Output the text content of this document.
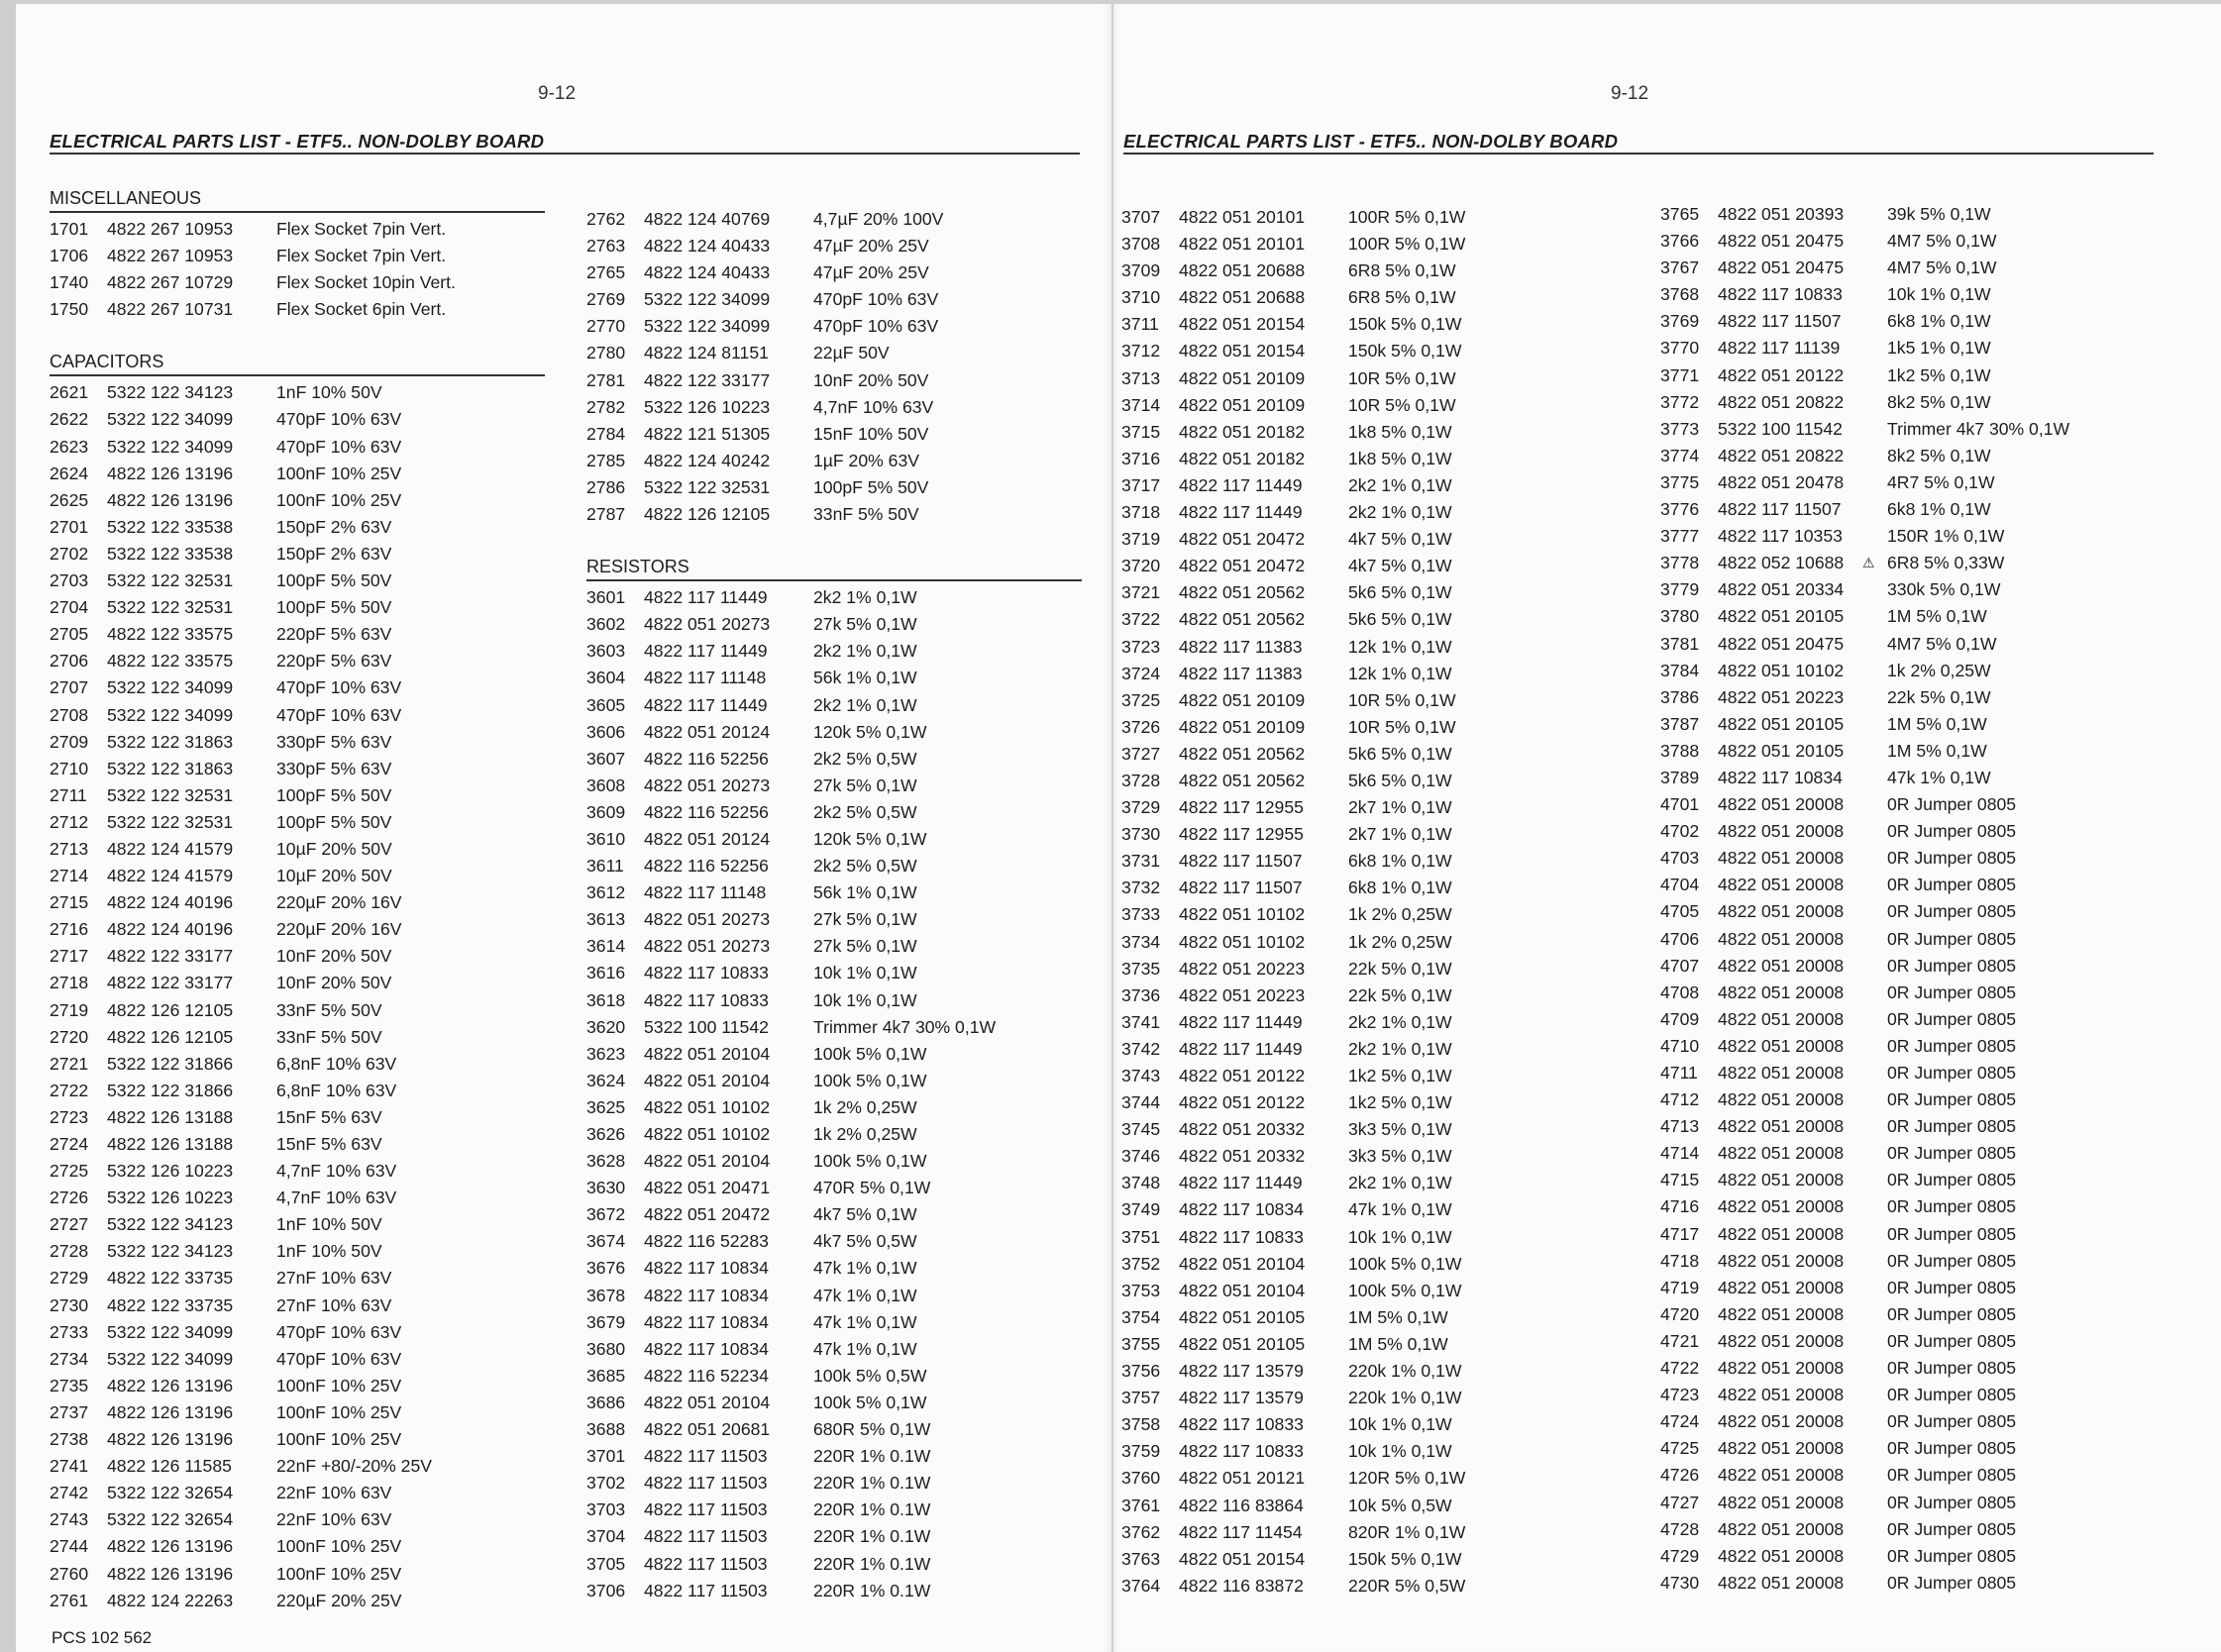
9-12
ELECTRICAL PARTS LIST - ETF5.. NON-DOLBY BOARD
MISCELLANEOUS
1701 4822 267 10953 Flex Socket 7pin Vert.
1706 4822 267 10953 Flex Socket 7pin Vert.
1740 4822 267 10729 Flex Socket 10pin Vert.
1750 4822 267 10731 Flex Socket 6pin Vert.
CAPACITORS
2621 5322 122 34123 1nF 10% 50V
2622 5322 122 34099 470pF 10% 63V
2623 5322 122 34099 470pF 10% 63V
2624 4822 126 13196 100nF 10% 25V
2625 4822 126 13196 100nF 10% 25V
2701 5322 122 33538 150pF 2% 63V
2702 5322 122 33538 150pF 2% 63V
2703 5322 122 32531 100pF 5% 50V
2704 5322 122 32531 100pF 5% 50V
2705 4822 122 33575 220pF 5% 63V
2706 4822 122 33575 220pF 5% 63V
2707 5322 122 34099 470pF 10% 63V
2708 5322 122 34099 470pF 10% 63V
2709 5322 122 31863 330pF 5% 63V
2710 5322 122 31863 330pF 5% 63V
2711 5322 122 32531 100pF 5% 50V
2712 5322 122 32531 100pF 5% 50V
2713 4822 124 41579 10µF 20% 50V
2714 4822 124 41579 10µF 20% 50V
2715 4822 124 40196 220µF 20% 16V
2716 4822 124 40196 220µF 20% 16V
2717 4822 122 33177 10nF 20% 50V
2718 4822 122 33177 10nF 20% 50V
2719 4822 126 12105 33nF 5% 50V
2720 4822 126 12105 33nF 5% 50V
2721 5322 122 31866 6,8nF 10% 63V
2722 5322 122 31866 6,8nF 10% 63V
2723 4822 126 13188 15nF 5% 63V
2724 4822 126 13188 15nF 5% 63V
2725 5322 126 10223 4,7nF 10% 63V
2726 5322 126 10223 4,7nF 10% 63V
2727 5322 122 34123 1nF 10% 50V
2728 5322 122 34123 1nF 10% 50V
2729 4822 122 33735 27nF 10% 63V
2730 4822 122 33735 27nF 10% 63V
2733 5322 122 34099 470pF 10% 63V
2734 5322 122 34099 470pF 10% 63V
2735 4822 126 13196 100nF 10% 25V
2737 4822 126 13196 100nF 10% 25V
2738 4822 126 13196 100nF 10% 25V
2741 4822 126 11585	22nF +80/-20% 25V
2742 5322 122 32654 22nF 10% 63V
2743 5322 122 32654 22nF 10% 63V
2744 4822 126 13196 100nF 10% 25V
2760 4822 126 13196 100nF 10% 25V
2761 4822 124 22263 220µF 20% 25V
2762 4822 124 40769 4,7µF 20% 100V
2763 4822 124 40433 47µF 20% 25V
2765 4822 124 40433 47µF 20% 25V
2769 5322 122 34099 470pF 10% 63V
2770 5322 122 34099 470pF 10% 63V
2780 4822 124 81151	22µF 50V
2781 4822 122 33177 10nF 20% 50V
2782 5322 126 10223 4,7nF 10% 63V
2784 4822 121 51305 15nF 10% 50V
2785 4822 124 40242 1µF 20% 63V
2786 5322 122 32531 100pF 5% 50V
2787 4822 126 12105 33nF 5% 50V
RESISTORS
3601 4822 117 11449	2k2 1% 0,1W
3602 4822 051 20273 27k 5% 0,1W
3603 4822 117 11449	2k2 1% 0,1W
3604 4822 117 11148	56k 1% 0,1W
3605 4822 117 11449	2k2 1% 0,1W
3606 4822 051 20124 120k 5% 0,1W
3607 4822 116 52256	2k2 5% 0,5W
3608 4822 051 20273 27k 5% 0,1W
3609 4822 116 52256	2k2 5% 0,5W
3610 4822 051 20124 120k 5% 0,1W
3611 4822 116 52256	2k2 5% 0,5W
3612 4822 117 11148	56k 1% 0,1W
3613 4822 051 20273 27k 5% 0,1W
3614 4822 051 20273 27k 5% 0,1W
3616 4822 117 10833	10k 1% 0,1W
3618 4822 117 10833	10k 1% 0,1W
3620 5322 100 11542	Trimmer 4k7 30% 0,1W
3623 4822 051 20104 100k 5% 0,1W
3624 4822 051 20104 100k 5% 0,1W
3625 4822 051 10102 1k 2% 0,25W
3626 4822 051 10102 1k 2% 0,25W
3628 4822 051 20104 100k 5% 0,1W
3630 4822 051 20471 470R 5% 0,1W
3672 4822 051 20472 4k7 5% 0,1W
3674 4822 116 52283	4k7 5% 0,5W
3676 4822 117 10834	47k 1% 0,1W
3678 4822 117 10834	47k 1% 0,1W
3679 4822 117 10834	47k 1% 0,1W
3680 4822 117 10834	47k 1% 0,1W
3685 4822 116 52234	100k 5% 0,5W
3686 4822 051 20104 100k 5% 0,1W
3688 4822 051 20681 680R 5% 0,1W
3701 4822 117 11503	220R 1% 0.1W
3702 4822 117 11503	220R 1% 0.1W
3703 4822 117 11503	220R 1% 0.1W
3704 4822 117 11503	220R 1% 0.1W
3705 4822 117 11503	220R 1% 0.1W
3706 4822 117 11503	220R 1% 0.1W
PCS 102 562
9-12
ELECTRICAL PARTS LIST - ETF5.. NON-DOLBY BOARD
3707 4822 051 20101 100R 5% 0,1W
3708 4822 051 20101 100R 5% 0,1W
3709 4822 051 20688 6R8 5% 0,1W
3710 4822 051 20688 6R8 5% 0,1W
3711 4822 051 20154 150k 5% 0,1W
3712 4822 051 20154 150k 5% 0,1W
3713 4822 051 20109 10R 5% 0,1W
3714 4822 051 20109 10R 5% 0,1W
3715 4822 051 20182 1k8 5% 0,1W
3716 4822 051 20182 1k8 5% 0,1W
3717 4822 117 11449	2k2 1% 0,1W
3718 4822 117 11449	2k2 1% 0,1W
3719 4822 051 20472 4k7 5% 0,1W
3720 4822 051 20472 4k7 5% 0,1W
3721 4822 051 20562 5k6 5% 0,1W
3722 4822 051 20562 5k6 5% 0,1W
3723 4822 117 11383	12k 1% 0,1W
3724 4822 117 11383	12k 1% 0,1W
3725 4822 051 20109 10R 5% 0,1W
3726 4822 051 20109 10R 5% 0,1W
3727 4822 051 20562 5k6 5% 0,1W
3728 4822 051 20562 5k6 5% 0,1W
3729 4822 117 12955	2k7 1% 0,1W
3730 4822 117 12955	2k7 1% 0,1W
3731 4822 117 11507	6k8 1% 0,1W
3732 4822 117 11507	6k8 1% 0,1W
3733 4822 051 10102 1k 2% 0,25W
3734 4822 051 10102 1k 2% 0,25W
3735 4822 051 20223 22k 5% 0,1W
3736 4822 051 20223 22k 5% 0,1W
3741 4822 117 11449	2k2 1% 0,1W
3742 4822 117 11449	2k2 1% 0,1W
3743 4822 051 20122 1k2 5% 0,1W
3744 4822 051 20122 1k2 5% 0,1W
3745 4822 051 20332 3k3 5% 0,1W
3746 4822 051 20332 3k3 5% 0,1W
3748 4822 117 11449	2k2 1% 0,1W
3749 4822 117 10834	47k 1% 0,1W
3751 4822 117 10833	10k 1% 0,1W
3752 4822 051 20104 100k 5% 0,1W
3753 4822 051 20104 100k 5% 0,1W
3754 4822 051 20105 1M 5% 0,1W
3755 4822 051 20105 1M 5% 0,1W
3756 4822 117 13579	220k 1% 0,1W
3757 4822 117 13579	220k 1% 0,1W
3758 4822 117 10833	10k 1% 0,1W
3759 4822 117 10833	10k 1% 0,1W
3760 4822 051 20121 120R 5% 0,1W
3761 4822 116 83864	10k 5% 0,5W
3762 4822 117 11454	820R 1% 0,1W
3763 4822 051 20154 150k 5% 0,1W
3764 4822 116 83872	220R 5% 0,5W
3765 4822 051 20393 39k 5% 0,1W
3766 4822 051 20475 4M7 5% 0,1W
3767 4822 051 20475 4M7 5% 0,1W
3768 4822 117 10833	10k 1% 0,1W
3769 4822 117 11507	6k8 1% 0,1W
3770 4822 117 11139	1k5 1% 0,1W
3771 4822 051 20122 1k2 5% 0,1W
3772 4822 051 20822 8k2 5% 0,1W
3773 5322 100 11542	Trimmer 4k7 30% 0,1W
3774 4822 051 20822 8k2 5% 0,1W
3775 4822 051 20478 4R7 5% 0,1W
3776 4822 117 11507	6k8 1% 0,1W
3777 4822 117 10353	150R 1% 0,1W
3778 4822 052 10688 6R8 5% 0,33W
⚠
3779 4822 051 20334 330k 5% 0,1W
3780 4822 051 20105 1M 5% 0,1W
3781 4822 051 20475 4M7 5% 0,1W
3784 4822 051 10102 1k 2% 0,25W
3786 4822 051 20223 22k 5% 0,1W
3787 4822 051 20105 1M 5% 0,1W
3788 4822 051 20105 1M 5% 0,1W
3789 4822 117 10834	47k 1% 0,1W
4701 4822 051 20008 0R Jumper 0805
4702 4822 051 20008 0R Jumper 0805
4703 4822 051 20008 0R Jumper 0805
4704 4822 051 20008 0R Jumper 0805
4705 4822 051 20008 0R Jumper 0805
4706 4822 051 20008 0R Jumper 0805
4707 4822 051 20008 0R Jumper 0805
4708 4822 051 20008 0R Jumper 0805
4709 4822 051 20008 0R Jumper 0805
4710 4822 051 20008 0R Jumper 0805
4711 4822 051 20008 0R Jumper 0805
4712 4822 051 20008 0R Jumper 0805
4713 4822 051 20008 0R Jumper 0805
4714 4822 051 20008 0R Jumper 0805
4715 4822 051 20008 0R Jumper 0805
4716 4822 051 20008 0R Jumper 0805
4717 4822 051 20008 0R Jumper 0805
4718 4822 051 20008 0R Jumper 0805
4719 4822 051 20008 0R Jumper 0805
4720 4822 051 20008 0R Jumper 0805
4721 4822 051 20008 0R Jumper 0805
4722 4822 051 20008 0R Jumper 0805
4723 4822 051 20008 0R Jumper 0805
4724 4822 051 20008 0R Jumper 0805
4725 4822 051 20008 0R Jumper 0805
4726 4822 051 20008 0R Jumper 0805
4727 4822 051 20008 0R Jumper 0805
4728 4822 051 20008 0R Jumper 0805
4729 4822 051 20008 0R Jumper 0805
4730 4822 051 20008 0R Jumper 0805
